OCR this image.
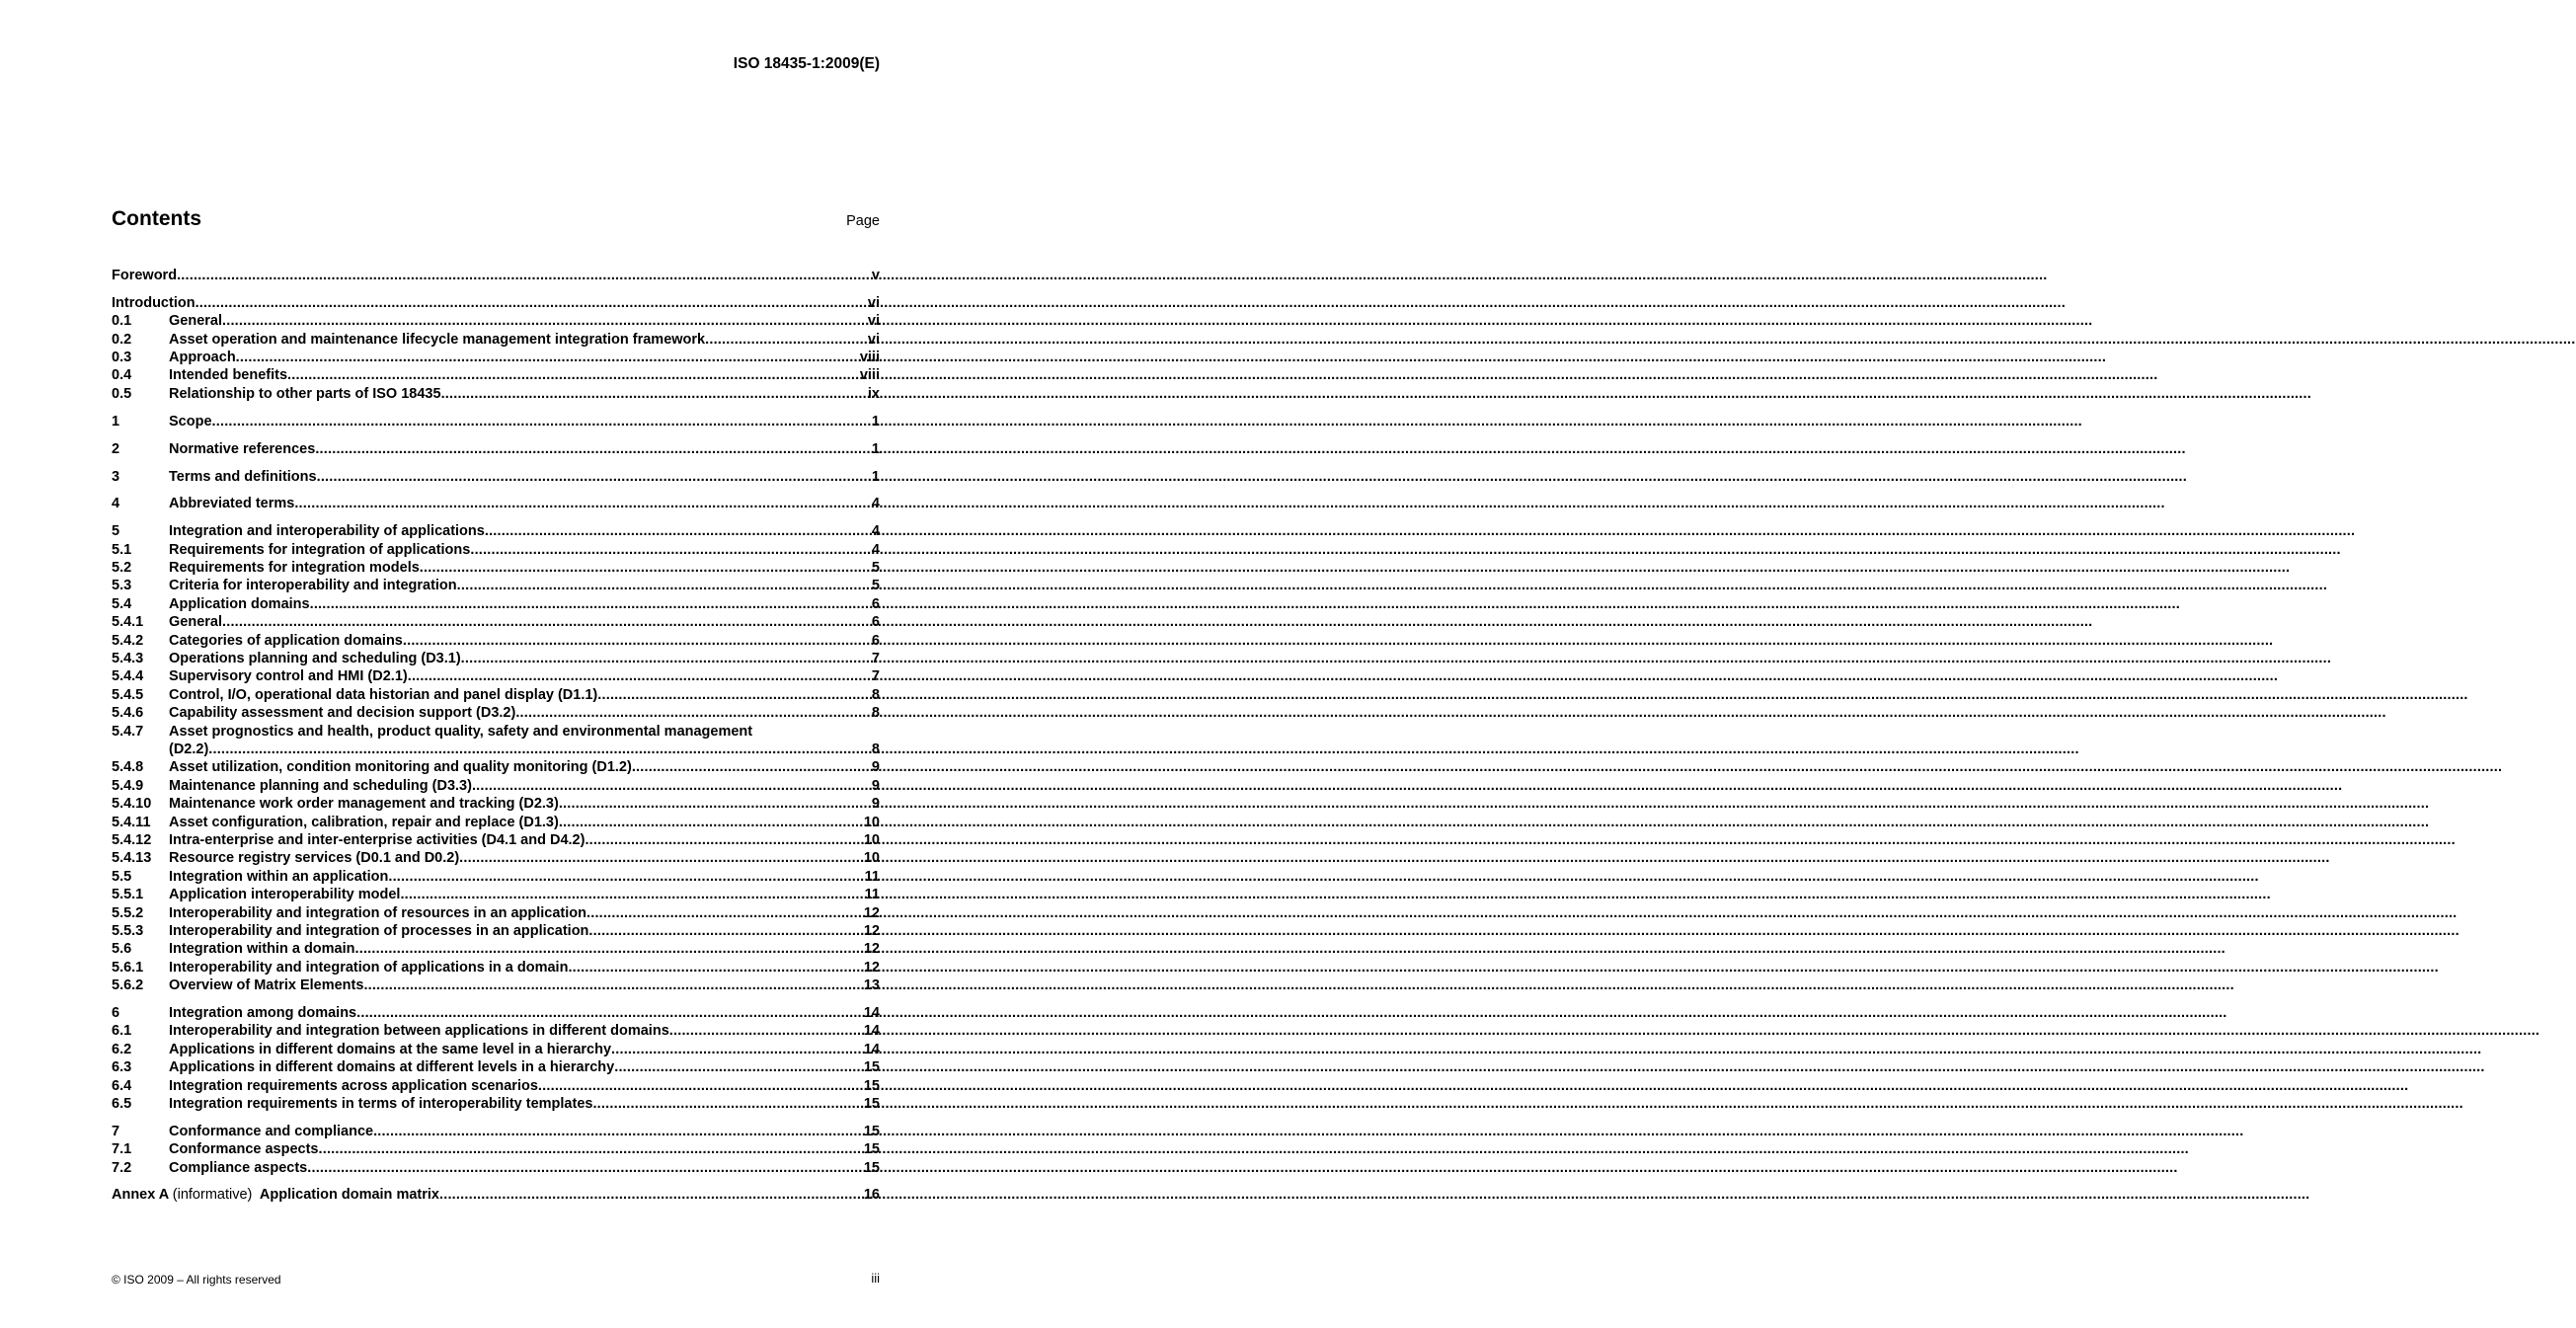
ISO 18435-1:2009(E)
Contents	Page
Foreword .....	v
Introduction .....	vi
0.1	General .....	vi
0.2	Asset operation and maintenance lifecycle management integration framework .....	vi
0.3	Approach .....	viii
0.4	Intended benefits .....	viii
0.5	Relationship to other parts of ISO 18435 .....	ix
1	Scope .....	1
2	Normative references .....	1
3	Terms and definitions .....	1
4	Abbreviated terms .....	4
5	Integration and interoperability of applications .....	4
5.1	Requirements for integration of applications .....	4
5.2	Requirements for integration models .....	5
5.3	Criteria for interoperability and integration .....	5
5.4	Application domains .....	6
5.4.1	General .....	6
5.4.2	Categories of application domains .....	6
5.4.3	Operations planning and scheduling (D3.1) .....	7
5.4.4	Supervisory control and HMI (D2.1) .....	7
5.4.5	Control, I/O, operational data historian and panel display (D1.1) .....	8
5.4.6	Capability assessment and decision support (D3.2) .....	8
5.4.7	Asset prognostics and health, product quality, safety and environmental management
(D2.2) .....	8
5.4.8	Asset utilization, condition monitoring and quality monitoring (D1.2) .....	9
5.4.9	Maintenance planning and scheduling (D3.3) .....	9
5.4.10	Maintenance work order management and tracking (D2.3) .....	9
5.4.11	Asset configuration, calibration, repair and replace (D1.3) .....	10
5.4.12	Intra-enterprise and inter-enterprise activities (D4.1 and D4.2) .....	10
5.4.13	Resource registry services (D0.1 and D0.2) .....	10
5.5	Integration within an application .....	11
5.5.1	Application interoperability model .....	11
5.5.2	Interoperability and integration of resources in an application .....	12
5.5.3	Interoperability and integration of processes in an application .....	12
5.6	Integration within a domain .....	12
5.6.1	Interoperability and integration of applications in a domain .....	12
5.6.2	Overview of Matrix Elements .....	13
6	Integration among domains .....	14
6.1	Interoperability and integration between applications in different domains .....	14
6.2	Applications in different domains at the same level in a hierarchy .....	14
6.3	Applications in different domains at different levels in a hierarchy .....	15
6.4	Integration requirements across application scenarios .....	15
6.5	Integration requirements in terms of interoperability templates .....	15
7	Conformance and compliance .....	15
7.1	Conformance aspects .....	15
7.2	Compliance aspects .....	15
Annex A (informative) Application domain matrix .....	16
© ISO 2009 – All rights reserved	iii
